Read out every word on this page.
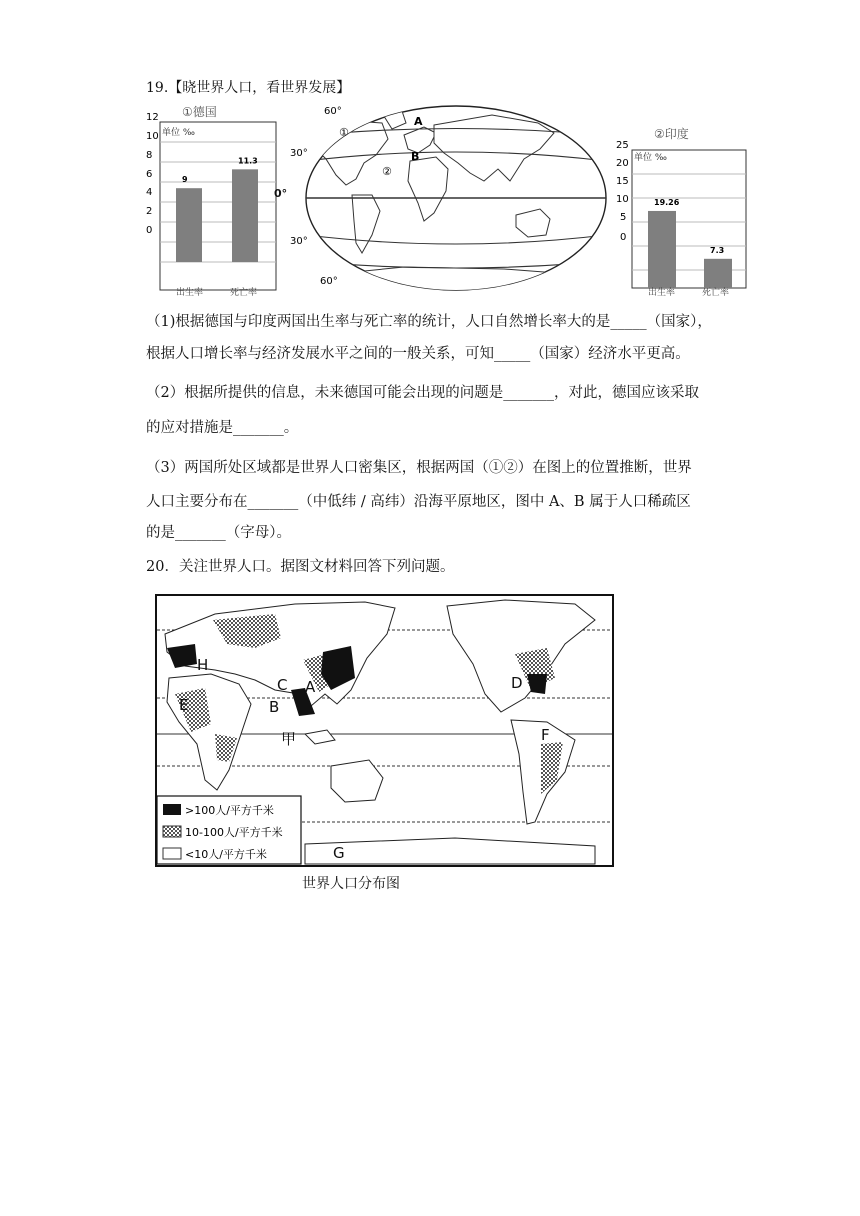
19.【晓世界人口，看世界发展】
12
10
8
6
4
2
0
①德国
单位 ‰
9
11.3
出生率	死亡率
60°
30°
30°
60°
A
B
①
②
0°
25
20
15
10
5
0
②印度
单位 ‰
19.26
7.3
出生率	死亡率
（1)根据德国与印度两国出生率与死亡率的统计，人口自然增长率大的是_____（国家），
根据人口增长率与经济发展水平之间的一般关系，可知_____（国家）经济水平更高。
（2）根据所提供的信息，未来德国可能会出现的问题是_______，对此，德国应该采取
的应对措施是_______。
（3）两国所处区域都是世界人口密集区，根据两国（①②）在图上的位置推断，世界
人口主要分布在_______（中低纬 / 高纬）沿海平原地区，图中 A、B 属于人口稀疏区
的是_______（字母）。
20．关注世界人口。据图文材料回答下列问题。
H
C A
B
E
甲
D
F
G
>100人/平方千米
10-100人/平方千米
<10人/平方千米
世界人口分布图
